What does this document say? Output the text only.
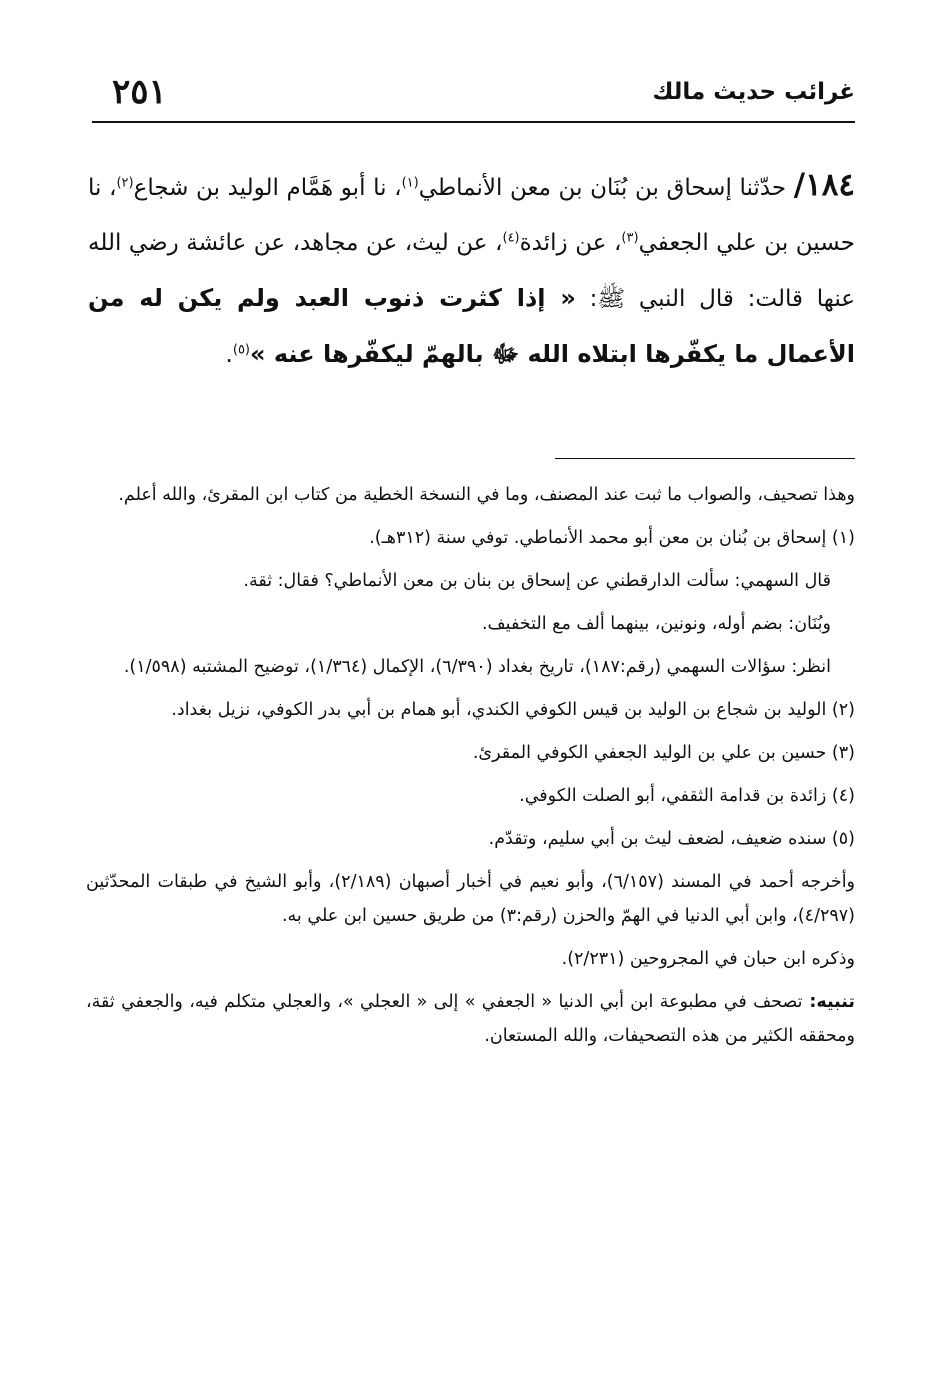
٢٥١	غرائب حديث مالك

١٨٤/ حدّثنا إسحاق بن بُنَان بن معن الأنماطي$^{(١)}$، نا أبو هَمَّام الوليد بن شجاع$^{(٢)}$، نا حسين بن علي الجعفي$^{(٣)}$، عن زائدة$^{(٤)}$، عن ليث، عن مجاهد، عن عائشة رضي الله عنها قالت: قال النبي ﷺ: « إذا كثرت ذنوب العبد ولم يكن له من الأعمال ما يكفّرها ابتلاه الله ﷻ بالهمّ ليكفّرها عنه »$^{(٥)}$.

وهذا تصحيف، والصواب ما ثبت عند المصنف، وما في النسخة الخطية من كتاب ابن المقرئ، والله أعلم.

(١) إسحاق بن بُنان بن معن أبو محمد الأنماطي. توفي سنة (٣١٢هـ).

قال السهمي: سألت الدارقطني عن إسحاق بن بنان بن معن الأنماطي؟ فقال: ثقة.

وبُنَان: بضم أوله، ونونين، بينهما ألف مع التخفيف.

انظر: سؤالات السهمي (رقم:١٨٧)، تاريخ بغداد (٦/٣٩٠)، الإكمال (١/٣٦٤)، توضيح المشتبه (١/٥٩٨).

(٢) الوليد بن شجاع بن الوليد بن قيس الكوفي الكندي، أبو همام بن أبي بدر الكوفي، نزيل بغداد.

(٣) حسين بن علي بن الوليد الجعفي الكوفي المقرئ.

(٤) زائدة بن قدامة الثقفي، أبو الصلت الكوفي.

(٥) سنده ضعيف، لضعف ليث بن أبي سليم، وتقدّم.

وأخرجه أحمد في المسند (٦/١٥٧)، وأبو نعيم في أخبار أصبهان (٢/١٨٩)، وأبو الشيخ في طبقات المحدّثين (٤/٢٩٧)، وابن أبي الدنيا في الهمّ والحزن (رقم:٣) من طريق حسين ابن علي به.

وذكره ابن حبان في المجروحين (٢/٢٣١).

تنبيه: تصحف في مطبوعة ابن أبي الدنيا « الجعفي » إلى « العجلي »، والعجلي متكلم فيه، والجعفي ثقة، ومحققه الكثير من هذه التصحيفات، والله المستعان.
